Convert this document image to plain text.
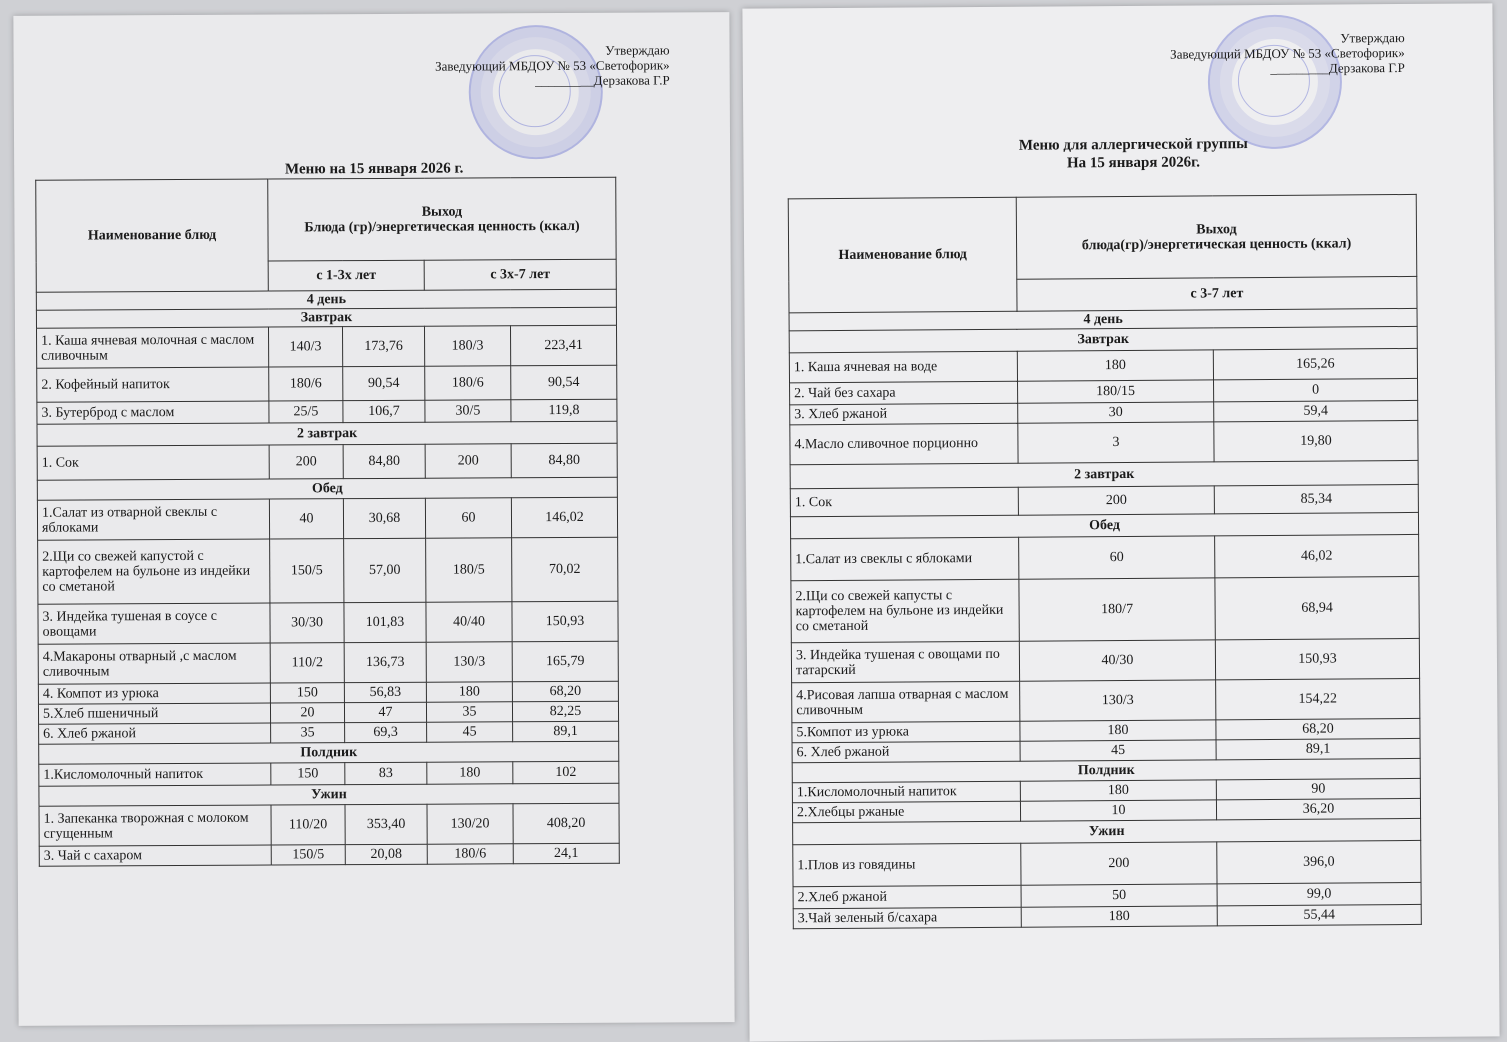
Утверждаю
Заведующий МБДОУ № 53 «Светофорик»
_________Дерзакова Г.Р
Меню на 15 января 2026 г.
Наименование блюд	Выход
Блюда (гр)/энергетическая ценность (ккал)			
	с 1-3х лет		с 3х-7 лет	
4 день				
Завтрак				
1. Каша ячневая молочная с маслом сливочным	140/3	173,76	180/3	223,41
2. Кофейный напиток	180/6	90,54	180/6	90,54
3. Бутерброд с маслом	25/5	106,7	30/5	119,8
2 завтрак				
1. Сок	200	84,80	200	84,80
Обед				
1.Салат из отварной свеклы с яблоками	40	30,68	60	146,02
2.Щи со свежей капустой с картофелем на бульоне из индейки со сметаной	150/5	57,00	180/5	70,02
3. Индейка тушеная в соусе с овощами	30/30	101,83	40/40	150,93
4.Макароны отварный ,с маслом сливочным	110/2	136,73	130/3	165,79
4. Компот из урюка	150	56,83	180	68,20
5.Хлеб пшеничный	20	47	35	82,25
6. Хлеб ржаной	35	69,3	45	89,1
Полдник				
1.Кисломолочный напиток	150	83	180	102
Ужин				
1. Запеканка творожная с молоком сгущенным	110/20	353,40	130/20	408,20
3. Чай с сахаром	150/5	20,08	180/6	24,1
Утверждаю
Заведующий МБДОУ № 53 «Светофорик»
_________Дерзакова Г.Р
Меню для аллергической группы
На 15 января 2026г.
Наименование блюд	Выход
блюда(гр)/энергетическая ценность (ккал)	
	с 3-7 лет	
4 день		
Завтрак		
1. Каша ячневая на воде	180	165,26
2. Чай без сахара	180/15	0
3. Хлеб ржаной	30	59,4
4.Масло сливочное порционно	3	19,80
2 завтрак		
1. Сок	200	85,34
Обед		
1.Салат из свеклы с яблоками	60	46,02
2.Щи со свежей капусты с картофелем на бульоне из индейки со сметаной	180/7	68,94
3. Индейка тушеная с овощами по татарский	40/30	150,93
4.Рисовая лапша отварная с маслом сливочным	130/3	154,22
5.Компот из урюка	180	68,20
6. Хлеб ржаной	45	89,1
Полдник		
1.Кисломолочный напиток	180	90
2.Хлебцы ржаные	10	36,20
Ужин		
1.Плов из говядины	200	396,0
2.Хлеб ржаной	50	99,0
3.Чай зеленый б/сахара	180	55,44
